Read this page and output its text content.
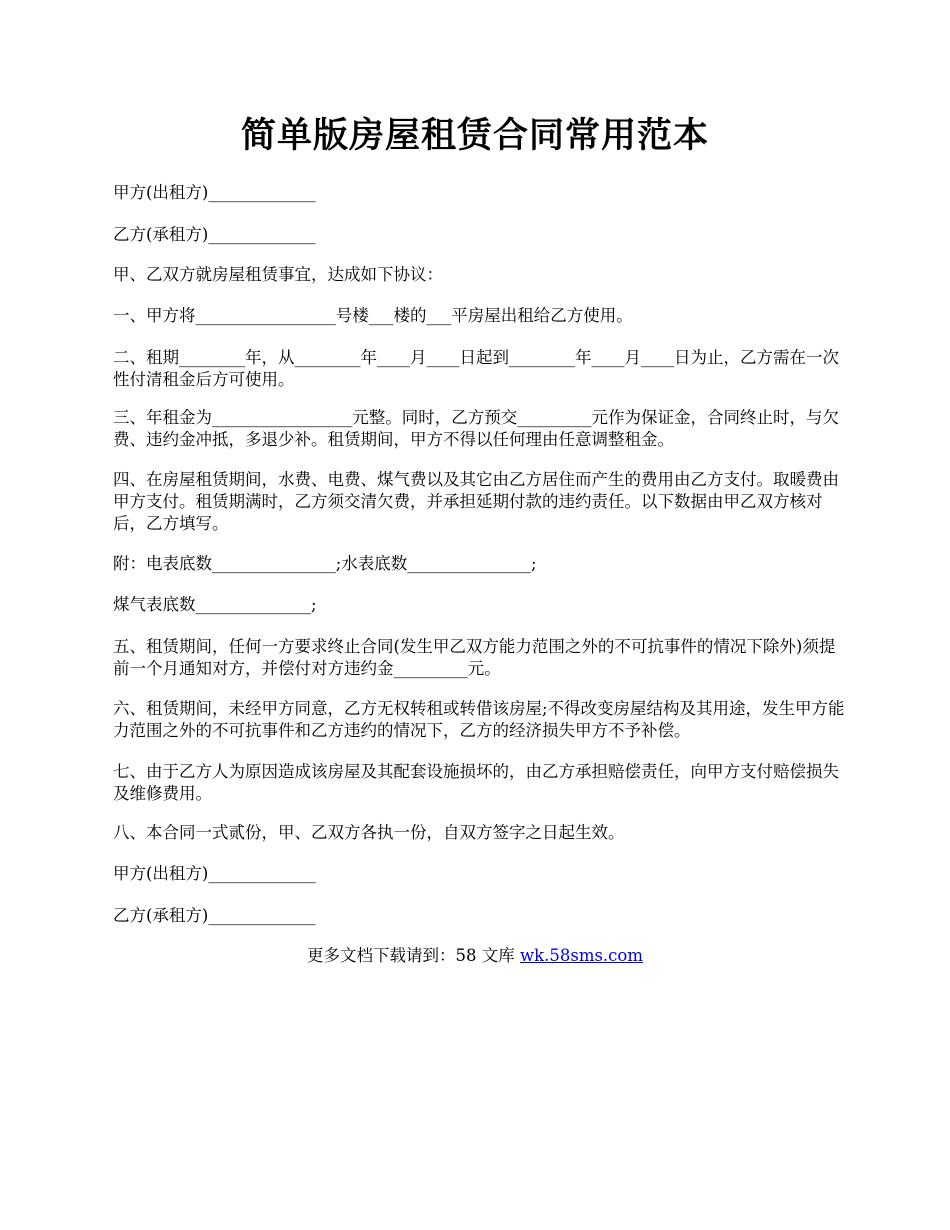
简单版房屋租赁合同常用范本
甲方(出租方)_____________
乙方(承租方)_____________
甲、乙双方就房屋租赁事宜，达成如下协议：
一、甲方将_________________号楼___楼的___平房屋出租给乙方使用。
二、租期________年，从________年____月____日起到________年____月____日为止，乙方需在一次性付清租金后方可使用。
三、年租金为_________________元整。同时，乙方预交_________元作为保证金，合同终止时，与欠费、违约金冲抵，多退少补。租赁期间，甲方不得以任何理由任意调整租金。
四、在房屋租赁期间，水费、电费、煤气费以及其它由乙方居住而产生的费用由乙方支付。取暖费由甲方支付。租赁期满时，乙方须交清欠费，并承担延期付款的违约责任。以下数据由甲乙双方核对后，乙方填写。
附：电表底数_______________;水表底数_______________;
煤气表底数______________;
五、租赁期间，任何一方要求终止合同(发生甲乙双方能力范围之外的不可抗事件的情况下除外)须提前一个月通知对方，并偿付对方违约金_________元。
六、租赁期间，未经甲方同意，乙方无权转租或转借该房屋;不得改变房屋结构及其用途，发生甲方能力范围之外的不可抗事件和乙方违约的情况下，乙方的经济损失甲方不予补偿。
七、由于乙方人为原因造成该房屋及其配套设施损坏的，由乙方承担赔偿责任，向甲方支付赔偿损失及维修费用。
八、本合同一式贰份，甲、乙双方各执一份，自双方签字之日起生效。
甲方(出租方)_____________
乙方(承租方)_____________
更多文档下载请到：58 文库 wk.58sms.com
